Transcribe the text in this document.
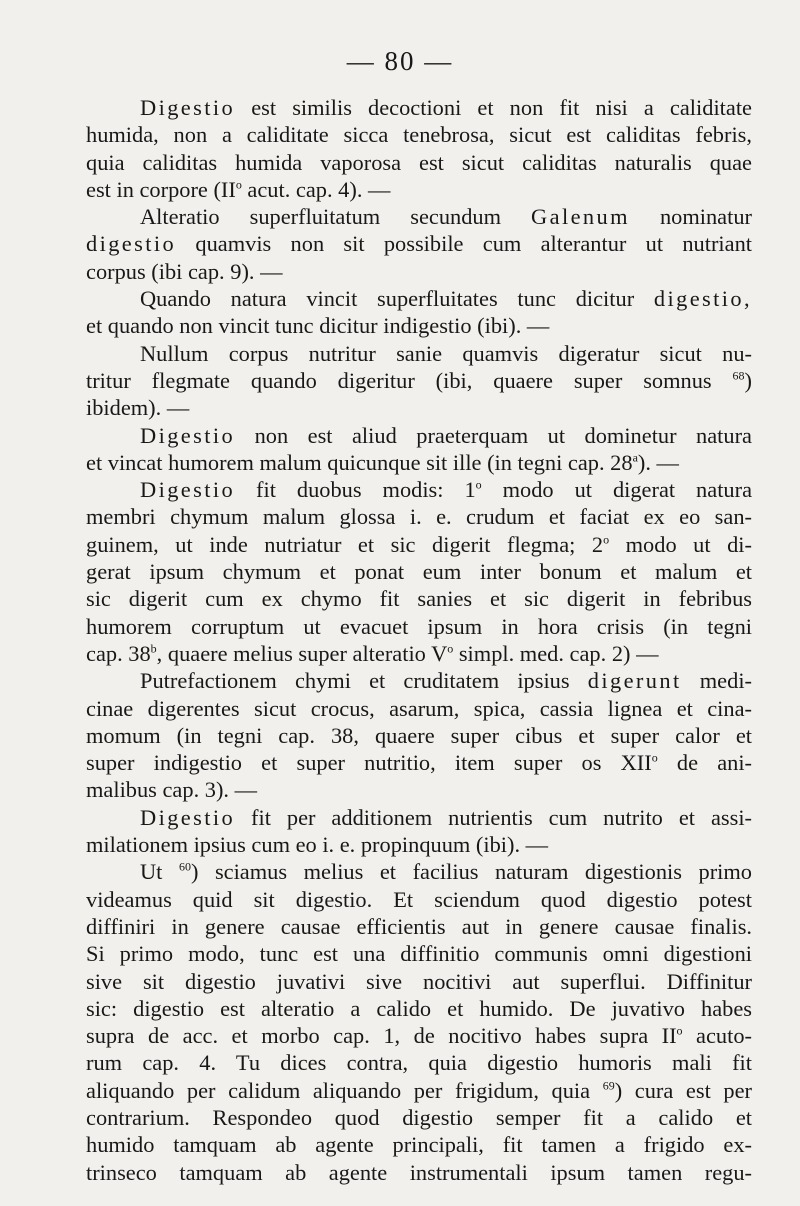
— 80 —
Digestio est similis decoctioni et non fit nisi a caliditate
humida, non a caliditate sicca tenebrosa, sicut est caliditas febris,
quia caliditas humida vaporosa est sicut caliditas naturalis quae
est in corpore ($II^o$ acut. cap. 4). —
Alteratio superfluitatum secundum Galenum nominatur
digestio quamvis non sit possibile cum alterantur ut nutriant
corpus (ibi cap. 9). —
Quando natura vincit superfluitates tunc dicitur digestio,
et quando non vincit tunc dicitur indigestio (ibi). —
Nullum corpus nutritur sanie quamvis digeratur sicut nu-
tritur flegmate quando digeritur (ibi, quaere super somnus $^{68}$)
ibidem). —
Digestio non est aliud praeterquam ut dominetur natura
et vincat humorem malum quicunque sit ille (in tegni cap. 28$^a$). —
Digestio fit duobus modis: 1$^o$ modo ut digerat natura
membri chymum malum glossa i. e. crudum et faciat ex eo san-
guinem, ut inde nutriatur et sic digerit flegma; 2$^o$ modo ut di-
gerat ipsum chymum et ponat eum inter bonum et malum et
sic digerit cum ex chymo fit sanies et sic digerit in febribus
humorem corruptum ut evacuet ipsum in hora crisis (in tegni
cap. 38$^b$, quaere melius super alteratio $V^o$ simpl. med. cap. 2) —
Putrefactionem chymi et cruditatem ipsius digerunt medi-
cinae digerentes sicut crocus, asarum, spica, cassia lignea et cina-
momum (in tegni cap. 38, quaere super cibus et super calor et
super indigestio et super nutritio, item super os XII$^o$ de ani-
malibus cap. 3). —
Digestio fit per additionem nutrientis cum nutrito et assi-
milationem ipsius cum eo i. e. propinquum (ibi). —
Ut $^{60}$) sciamus melius et facilius naturam digestionis primo
videamus quid sit digestio. Et sciendum quod digestio potest
diffiniri in genere causae efficientis aut in genere causae finalis.
Si primo modo, tunc est una diffinitio communis omni digestioni
sive sit digestio juvativi sive nocitivi aut superflui. Diffinitur
sic: digestio est alteratio a calido et humido. De juvativo habes
supra de acc. et morbo cap. 1, de nocitivo habes supra $II^o$ acuto-
rum cap. 4. Tu dices contra, quia digestio humoris mali fit
aliquando per calidum aliquando per frigidum, quia $^{69}$) cura est per
contrarium. Respondeo quod digestio semper fit a calido et
humido tamquam ab agente principali, fit tamen a frigido ex-
trinseco tamquam ab agente instrumentali ipsum tamen regu-
